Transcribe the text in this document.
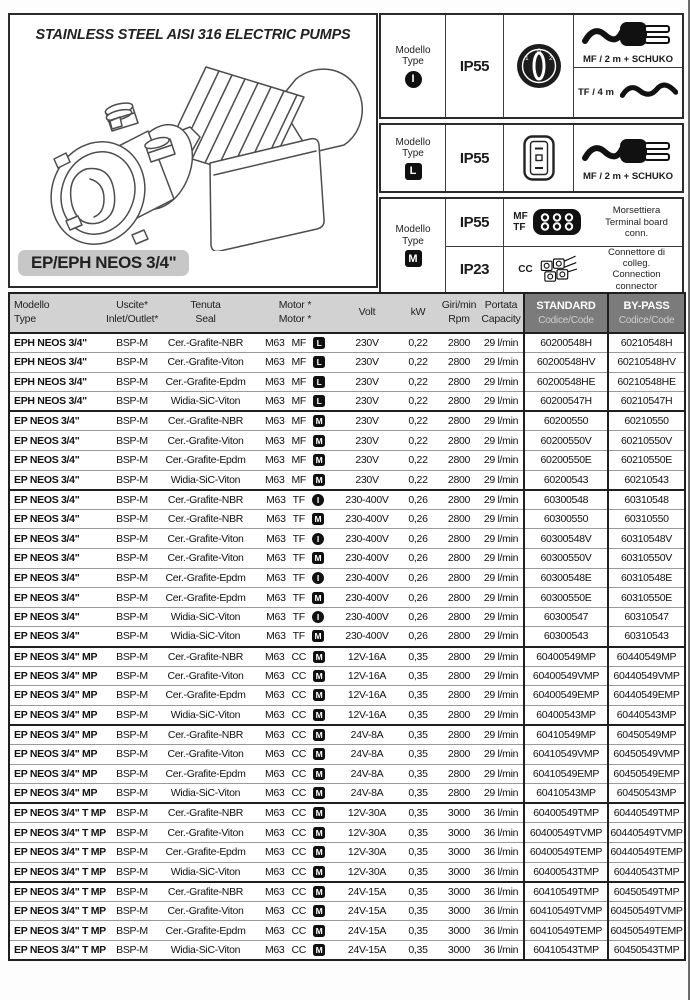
STAINLESS STEEL AISI 316 ELECTRIC PUMPS
EP/EPH NEOS 3/4"
Modello
Type
I
IP55
0
1	2	MF / 2 m + SCHUKO
TF / 4 m
Modello
Type
L
IP55
MF / 2 m + SCHUKO
Modello
Type
M
IP55 MF
TF
Morsettiera
Terminal board conn.
IP23	CC
Connettore di colleg.
Connection connector
Modello
Type

Uscite*
Inlet/Outlet*

Tenuta
Seal

Motor *
Motor *

Volt	kW

Giri/min
Rpm

Portata
Capacity

STANDARD
Codice/Code

BY-PASS
Codice/Code

EPH NEOS 3/4"	BSP-M	Cer.-Grafite-NBR	M63 MF L	230V	0,22	2800	29 l/min	60200548H	60210548H
EPH NEOS 3/4"	BSP-M	Cer.-Grafite-Viton	M63 MF L	230V	0,22	2800	29 l/min	60200548HV	60210548HV
EPH NEOS 3/4"	BSP-M	Cer.-Grafite-Epdm	M63 MF L	230V	0,22	2800	29 l/min	60200548HE	60210548HE
EPH NEOS 3/4"	BSP-M	Widia-SiC-Viton	M63 MF L	230V	0,22	2800	29 l/min	60200547H	60210547H
EP NEOS 3/4"	BSP-M	Cer.-Grafite-NBR	M63 MF M	230V	0,22	2800	29 l/min	60200550	60210550
EP NEOS 3/4"	BSP-M	Cer.-Grafite-Viton	M63 MF M	230V	0,22	2800	29 l/min	60200550V	60210550V
EP NEOS 3/4"	BSP-M	Cer.-Grafite-Epdm	M63 MF M	230V	0,22	2800	29 l/min	60200550E	60210550E
EP NEOS 3/4"	BSP-M	Widia-SiC-Viton	M63 MF M	230V	0,22	2800	29 l/min	60200543	60210543
EP NEOS 3/4"	BSP-M	Cer.-Grafite-NBR	M63 TF I	230-400V	0,26	2800	29 l/min	60300548	60310548
EP NEOS 3/4"	BSP-M	Cer.-Grafite-NBR	M63 TF M	230-400V	0,26	2800	29 l/min	60300550	60310550
EP NEOS 3/4"	BSP-M	Cer.-Grafite-Viton	M63 TF I	230-400V	0,26	2800	29 l/min	60300548V	60310548V
EP NEOS 3/4"	BSP-M	Cer.-Grafite-Viton	M63 TF M	230-400V	0,26	2800	29 l/min	60300550V	60310550V
EP NEOS 3/4"	BSP-M	Cer.-Grafite-Epdm	M63 TF I	230-400V	0,26	2800	29 l/min	60300548E	60310548E
EP NEOS 3/4"	BSP-M	Cer.-Grafite-Epdm	M63 TF M	230-400V	0,26	2800	29 l/min	60300550E	60310550E
EP NEOS 3/4"	BSP-M	Widia-SiC-Viton	M63 TF I	230-400V	0,26	2800	29 l/min	60300547	60310547
EP NEOS 3/4"	BSP-M	Widia-SiC-Viton	M63 TF M	230-400V	0,26	2800	29 l/min	60300543	60310543
EP NEOS 3/4" MP	BSP-M	Cer.-Grafite-NBR	M63 CC M	12V-16A	0,35	2800	29 l/min	60400549MP	60440549MP
EP NEOS 3/4" MP	BSP-M	Cer.-Grafite-Viton	M63 CC M	12V-16A	0,35	2800	29 l/min	60400549VMP	60440549VMP
EP NEOS 3/4" MP	BSP-M	Cer.-Grafite-Epdm	M63 CC M	12V-16A	0,35	2800	29 l/min	60400549EMP	60440549EMP
EP NEOS 3/4" MP	BSP-M	Widia-SiC-Viton	M63 CC M	12V-16A	0,35	2800	29 l/min	60400543MP	60440543MP
EP NEOS 3/4" MP	BSP-M	Cer.-Grafite-NBR	M63 CC M	24V-8A	0,35	2800	29 l/min	60410549MP	60450549MP
EP NEOS 3/4" MP	BSP-M	Cer.-Grafite-Viton	M63 CC M	24V-8A	0,35	2800	29 l/min	60410549VMP	60450549VMP
EP NEOS 3/4" MP	BSP-M	Cer.-Grafite-Epdm	M63 CC M	24V-8A	0,35	2800	29 l/min	60410549EMP	60450549EMP
EP NEOS 3/4" MP	BSP-M	Widia-SiC-Viton	M63 CC M	24V-8A	0,35	2800	29 l/min	60410543MP	60450543MP
EP NEOS 3/4" T MP	BSP-M	Cer.-Grafite-NBR	M63 CC M	12V-30A	0,35	3000	36 l/min	60400549TMP	60440549TMP
EP NEOS 3/4" T MP	BSP-M	Cer.-Grafite-Viton	M63 CC M	12V-30A	0,35	3000	36 l/min	60400549TVMP	60440549TVMP
EP NEOS 3/4" T MP	BSP-M	Cer.-Grafite-Epdm	M63 CC M	12V-30A	0,35	3000	36 l/min	60400549TEMP	60440549TEMP
EP NEOS 3/4" T MP	BSP-M	Widia-SiC-Viton	M63 CC M	12V-30A	0,35	3000	36 l/min	60400543TMP	60440543TMP
EP NEOS 3/4" T MP	BSP-M	Cer.-Grafite-NBR	M63 CC M	24V-15A	0,35	3000	36 l/min	60410549TMP	60450549TMP
EP NEOS 3/4" T MP	BSP-M	Cer.-Grafite-Viton	M63 CC M	24V-15A	0,35	3000	36 l/min	60410549TVMP	60450549TVMP
EP NEOS 3/4" T MP	BSP-M	Cer.-Grafite-Epdm	M63 CC M	24V-15A	0,35	3000	36 l/min	60410549TEMP	60450549TEMP
EP NEOS 3/4" T MP	BSP-M	Widia-SiC-Viton	M63 CC M	24V-15A	0,35	3000	36 l/min	60410543TMP	60450543TMP
